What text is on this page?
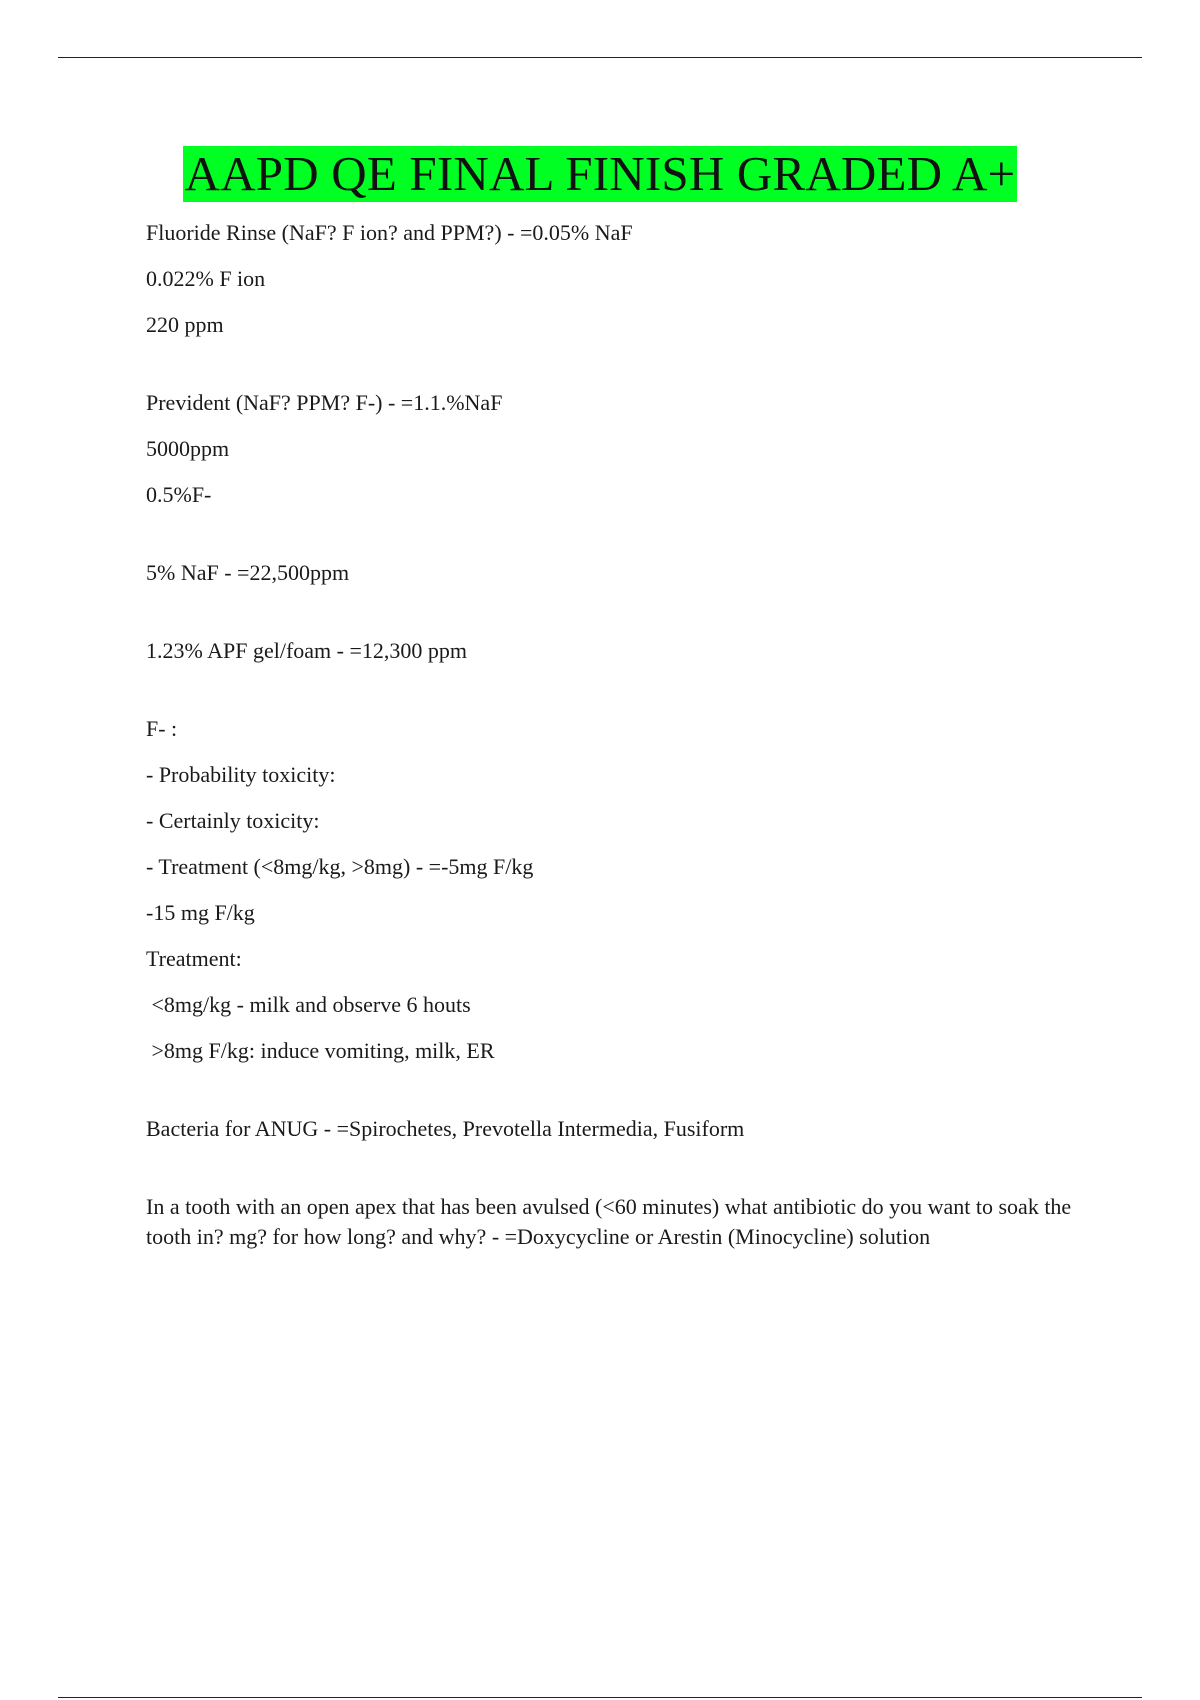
AAPD QE FINAL FINISH GRADED A+
Fluoride Rinse (NaF? F ion? and PPM?) - =0.05% NaF
0.022% F ion
220 ppm
Prevident (NaF? PPM? F-) - =1.1.%NaF
5000ppm
0.5%F-
5% NaF - =22,500ppm
1.23% APF gel/foam - =12,300 ppm
F- :
- Probability toxicity:
- Certainly toxicity:
- Treatment (<8mg/kg, >8mg) - =-5mg F/kg
-15 mg F/kg
Treatment:
<8mg/kg - milk and observe 6 houts
>8mg F/kg: induce vomiting, milk, ER
Bacteria for ANUG - =Spirochetes, Prevotella Intermedia, Fusiform

In a tooth with an open apex that has been avulsed (<60 minutes) what antibiotic do you want to soak the tooth in? mg? for how long? and why? - =Doxycycline or Arestin (Minocycline) solution
